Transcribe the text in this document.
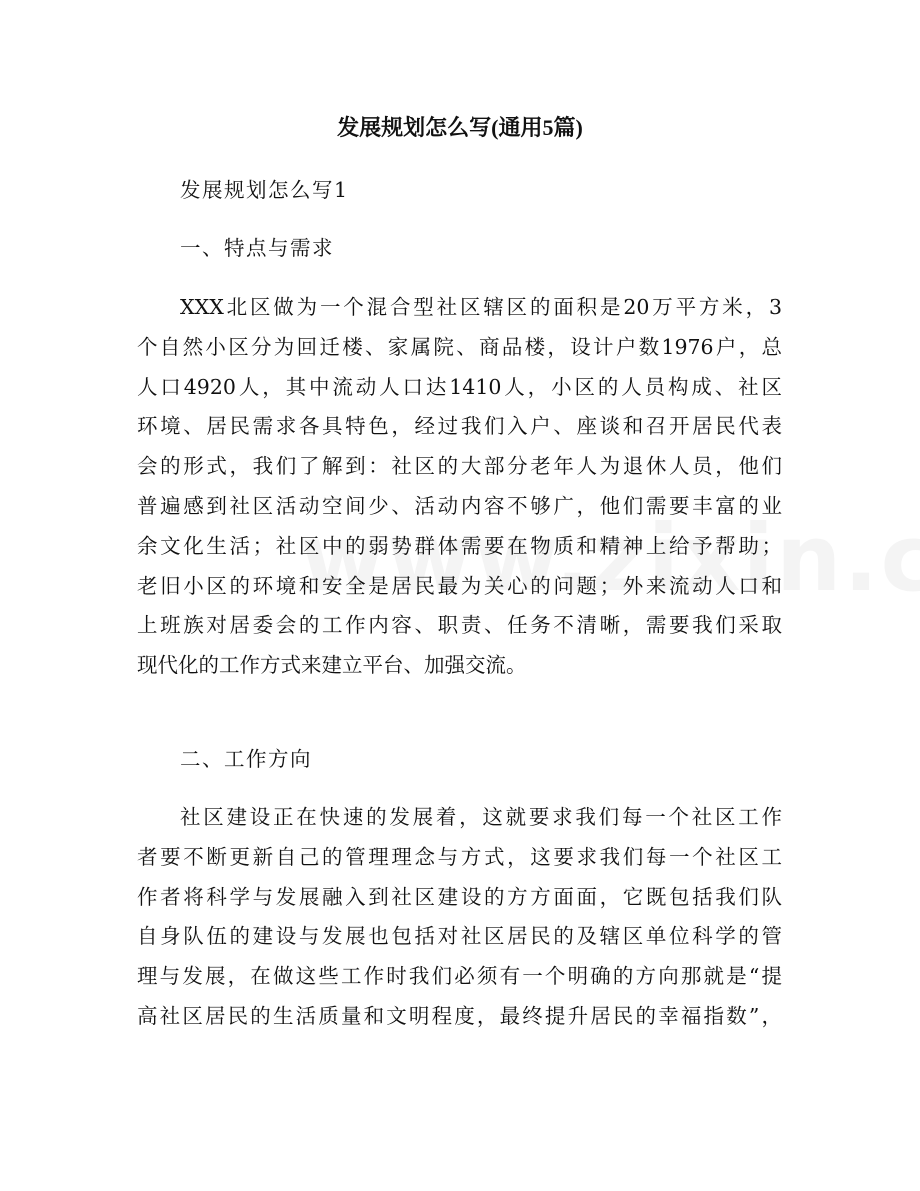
发展规划怎么写(通用5篇)

发展规划怎么写1

一、特点与需求

XXX北区做为一个混合型社区辖区的面积是20万平方米，3
个自然小区分为回迁楼、家属院、商品楼，设计户数1976户，总
人口4920人，其中流动人口达1410人，小区的人员构成、社区
环境、居民需求各具特色，经过我们入户、座谈和召开居民代表
会的形式，我们了解到：社区的大部分老年人为退休人员，他们
普遍感到社区活动空间少、活动内容不够广，他们需要丰富的业
余文化生活；社区中的弱势群体需要在物质和精神上给予帮助；
老旧小区的环境和安全是居民最为关心的问题；外来流动人口和
上班族对居委会的工作内容、职责、任务不清晰，需要我们采取
现代化的工作方式来建立平台、加强交流。

二、工作方向

社区建设正在快速的发展着，这就要求我们每一个社区工作
者要不断更新自己的管理理念与方式，这要求我们每一个社区工
作者将科学与发展融入到社区建设的方方面面，它既包括我们队
自身队伍的建设与发展也包括对社区居民的及辖区单位科学的管
理与发展，在做这些工作时我们必须有一个明确的方向那就是“提
高社区居民的生活质量和文明程度，最终提升居民的幸福指数”，
